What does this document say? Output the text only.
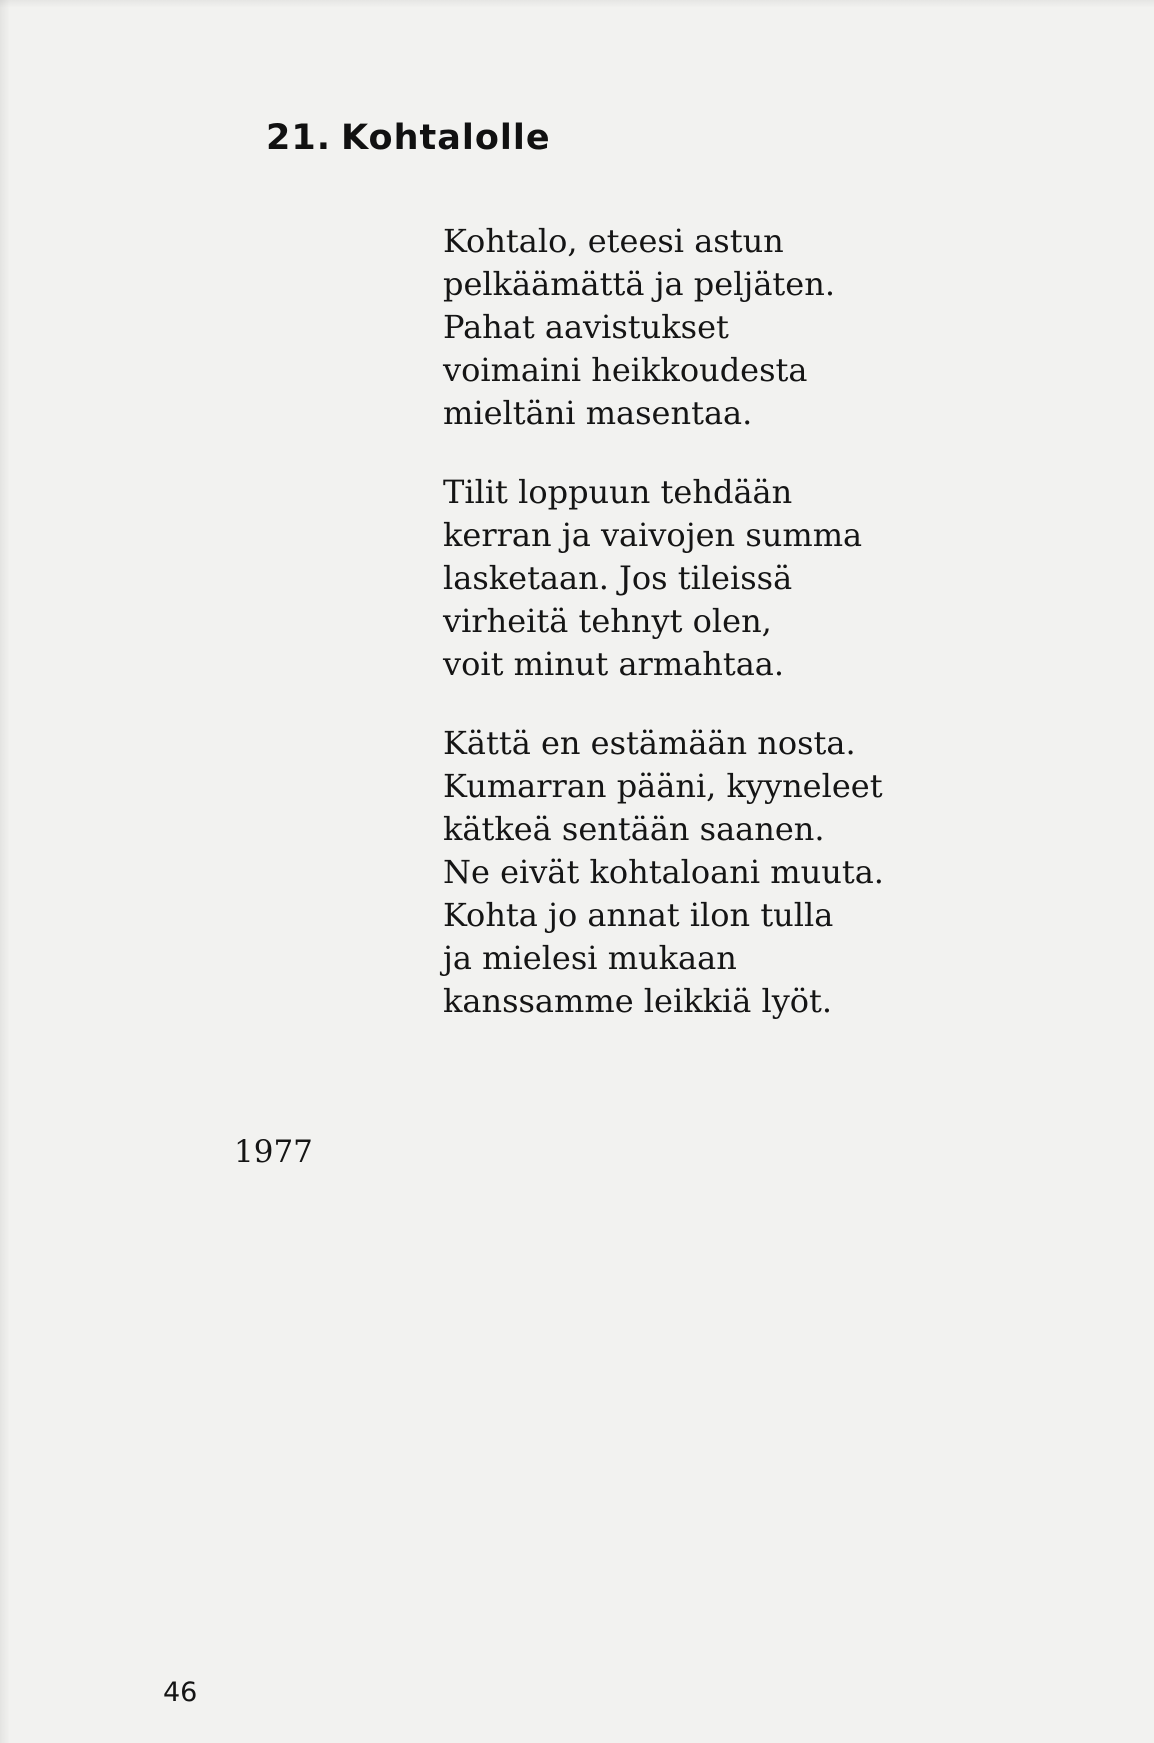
21. Kohtalolle

Kohtalo, eteesi astun
pelkäämättä ja peljäten.
Pahat aavistukset
voimaini heikkoudesta
mieltäni masentaa.

Tilit loppuun tehdään
kerran ja vaivojen summa
lasketaan. Jos tileissä
virheitä tehnyt olen,
voit minut armahtaa.

Kättä en estämään nosta.
Kumarran pääni, kyyneleet
kätkeä sentään saanen.
Ne eivät kohtaloani muuta.
Kohta jo annat ilon tulla
ja mielesi mukaan
kanssamme leikkiä lyöt.

1977
46
